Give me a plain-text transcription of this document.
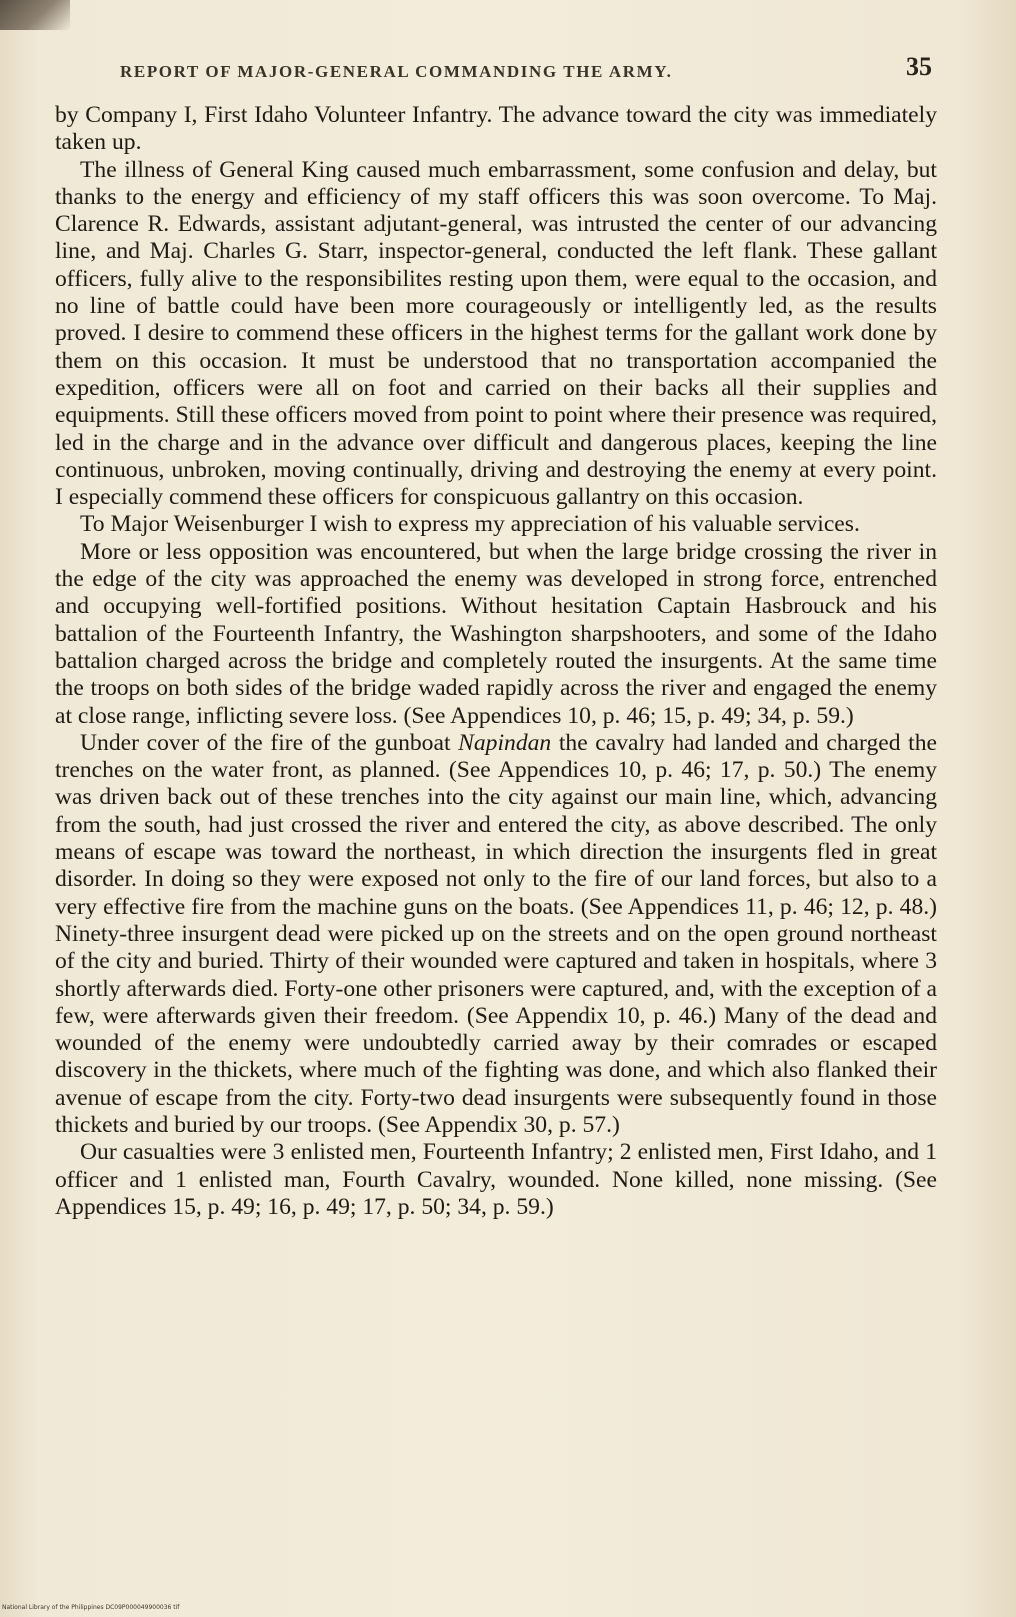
REPORT OF MAJOR-GENERAL COMMANDING THE ARMY.	35

by Company I, First Idaho Volunteer Infantry. The advance toward the city was immediately taken up.

The illness of General King caused much embarrassment, some confusion and delay, but thanks to the energy and efficiency of my staff officers this was soon overcome. To Maj. Clarence R. Edwards, assistant adjutant-general, was intrusted the center of our advancing line, and Maj. Charles G. Starr, inspector-general, conducted the left flank. These gallant officers, fully alive to the responsibilites resting upon them, were equal to the occasion, and no line of battle could have been more courageously or intelligently led, as the results proved. I desire to commend these officers in the highest terms for the gallant work done by them on this occasion. It must be understood that no transportation accompanied the expedition, officers were all on foot and carried on their backs all their supplies and equipments. Still these officers moved from point to point where their presence was required, led in the charge and in the advance over difficult and dangerous places, keeping the line continuous, unbroken, moving continually, driving and destroying the enemy at every point. I especially commend these officers for conspicuous gallantry on this occasion.

To Major Weisenburger I wish to express my appreciation of his valuable services.

More or less opposition was encountered, but when the large bridge crossing the river in the edge of the city was approached the enemy was developed in strong force, entrenched and occupying well-fortified positions. Without hesitation Captain Hasbrouck and his battalion of the Fourteenth Infantry, the Washington sharpshooters, and some of the Idaho battalion charged across the bridge and completely routed the insurgents. At the same time the troops on both sides of the bridge waded rapidly across the river and engaged the enemy at close range, inflicting severe loss. (See Appendices 10, p. 46; 15, p. 49; 34, p. 59.)

Under cover of the fire of the gunboat Napindan the cavalry had landed and charged the trenches on the water front, as planned. (See Appendices 10, p. 46; 17, p. 50.) The enemy was driven back out of these trenches into the city against our main line, which, advancing from the south, had just crossed the river and entered the city, as above described. The only means of escape was toward the northeast, in which direction the insurgents fled in great disorder. In doing so they were exposed not only to the fire of our land forces, but also to a very effective fire from the machine guns on the boats. (See Appendices 11, p. 46; 12, p. 48.) Ninety-three insurgent dead were picked up on the streets and on the open ground northeast of the city and buried. Thirty of their wounded were captured and taken in hospitals, where 3 shortly afterwards died. Forty-one other prisoners were captured, and, with the exception of a few, were afterwards given their freedom. (See Appendix 10, p. 46.) Many of the dead and wounded of the enemy were undoubtedly carried away by their comrades or escaped discovery in the thickets, where much of the fighting was done, and which also flanked their avenue of escape from the city. Forty-two dead insurgents were subsequently found in those thickets and buried by our troops. (See Appendix 30, p. 57.)

Our casualties were 3 enlisted men, Fourteenth Infantry; 2 enlisted men, First Idaho, and 1 officer and 1 enlisted man, Fourth Cavalry, wounded. None killed, none missing. (See Appendices 15, p. 49; 16, p. 49; 17, p. 50; 34, p. 59.)

National Library of the Philippines DC09P000049900036 tif
